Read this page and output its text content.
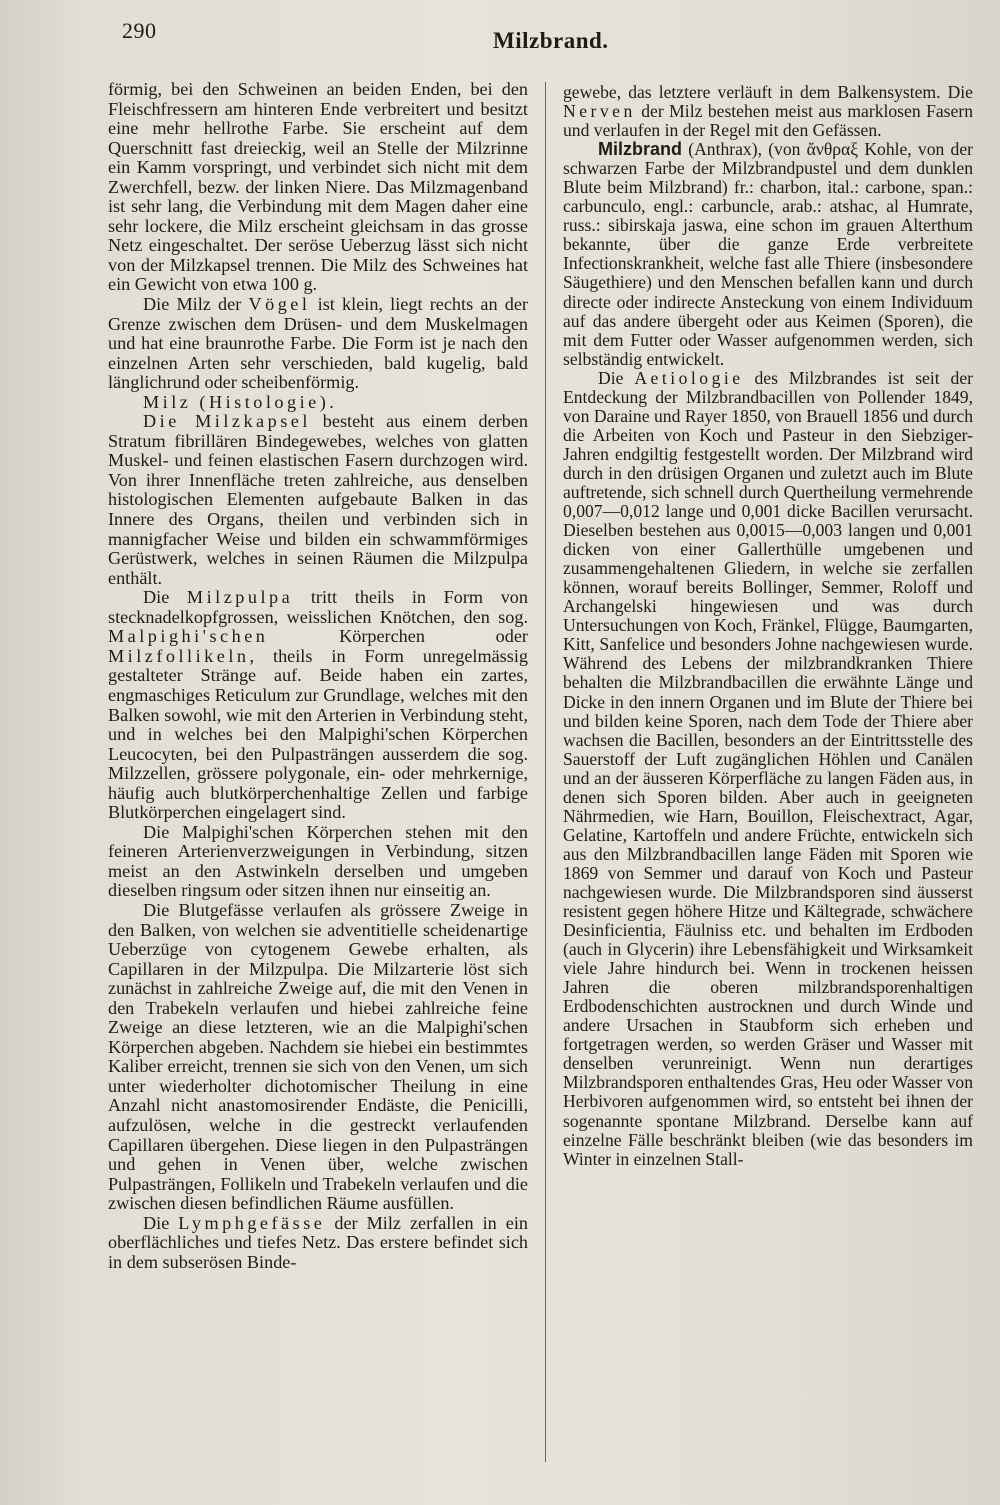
290	Milzbrand.

förmig, bei den Schweinen an beiden Enden, bei den Fleischfressern am hinteren Ende verbreitert und besitzt eine mehr hellrothe Farbe. Sie erscheint auf dem Querschnitt fast dreieckig, weil an Stelle der Milzrinne ein Kamm vorspringt, und verbindet sich nicht mit dem Zwerchfell, bezw. der linken Niere. Das Milzmagenband ist sehr lang, die Verbindung mit dem Magen daher eine sehr lockere, die Milz erscheint gleichsam in das grosse Netz eingeschaltet. Der seröse Ueberzug lässt sich nicht von der Milzkapsel trennen. Die Milz des Schweines hat ein Gewicht von etwa 100 g.

Die Milz der Vögel ist klein, liegt rechts an der Grenze zwischen dem Drüsen- und dem Muskelmagen und hat eine braunrothe Farbe. Die Form ist je nach den einzelnen Arten sehr verschieden, bald kugelig, bald länglichrund oder scheibenförmig.

Milz (Histologie).

Die Milzkapsel besteht aus einem derben Stratum fibrillären Bindegewebes, welches von glatten Muskel- und feinen elastischen Fasern durchzogen wird. Von ihrer Innenfläche treten zahlreiche, aus denselben histologischen Elementen aufgebaute Balken in das Innere des Organs, theilen und verbinden sich in mannigfacher Weise und bilden ein schwammförmiges Gerüstwerk, welches in seinen Räumen die Milzpulpa enthält.

Die Milzpulpa tritt theils in Form von stecknadelkopfgrossen, weisslichen Knötchen, den sog. Malpighi'schen Körperchen oder Milzfollikeln, theils in Form unregelmässig gestalteter Stränge auf. Beide haben ein zartes, engmaschiges Reticulum zur Grundlage, welches mit den Balken sowohl, wie mit den Arterien in Verbindung steht, und in welches bei den Malpighi'schen Körperchen Leucocyten, bei den Pulpasträngen ausserdem die sog. Milzzellen, grössere polygonale, ein- oder mehrkernige, häufig auch blutkörperchenhaltige Zellen und farbige Blutkörperchen eingelagert sind.

Die Malpighi'schen Körperchen stehen mit den feineren Arterienverzweigungen in Verbindung, sitzen meist an den Astwinkeln derselben und umgeben dieselben ringsum oder sitzen ihnen nur einseitig an.

Die Blutgefässe verlaufen als grössere Zweige in den Balken, von welchen sie adventitielle scheidenartige Ueberzüge von cytogenem Gewebe erhalten, als Capillaren in der Milzpulpa. Die Milzarterie löst sich zunächst in zahlreiche Zweige auf, die mit den Venen in den Trabekeln verlaufen und hiebei zahlreiche feine Zweige an diese letzteren, wie an die Malpighi'schen Körperchen abgeben. Nachdem sie hiebei ein bestimmtes Kaliber erreicht, trennen sie sich von den Venen, um sich unter wiederholter dichotomischer Theilung in eine Anzahl nicht anastomosirender Endäste, die Penicilli, aufzulösen, welche in die gestreckt verlaufenden Capillaren übergehen. Diese liegen in den Pulpasträngen und gehen in Venen über, welche zwischen Pulpasträngen, Follikeln und Trabekeln verlaufen und die zwischen diesen befindlichen Räume ausfüllen.

Die Lymphgefässe der Milz zerfallen in ein oberflächliches und tiefes Netz. Das erstere befindet sich in dem subserösen Binde-

gewebe, das letztere verläuft in dem Balkensystem. Die Nerven der Milz bestehen meist aus marklosen Fasern und verlaufen in der Regel mit den Gefässen.

Milzbrand (Anthrax), (von ἄνθραξ Kohle, von der schwarzen Farbe der Milzbrandpustel und dem dunklen Blute beim Milzbrand) fr.: charbon, ital.: carbone, span.: carbunculo, engl.: carbuncle, arab.: atshac, al Humrate, russ.: sibirskaja jaswa, eine schon im grauen Alterthum bekannte, über die ganze Erde verbreitete Infectionskrankheit, welche fast alle Thiere (insbesondere Säugethiere) und den Menschen befallen kann und durch directe oder indirecte Ansteckung von einem Individuum auf das andere übergeht oder aus Keimen (Sporen), die mit dem Futter oder Wasser aufgenommen werden, sich selbständig entwickelt.

Die Aetiologie des Milzbrandes ist seit der Entdeckung der Milzbrandbacillen von Pollender 1849, von Daraine und Rayer 1850, von Brauell 1856 und durch die Arbeiten von Koch und Pasteur in den Siebziger-Jahren endgiltig festgestellt worden. Der Milzbrand wird durch in den drüsigen Organen und zuletzt auch im Blute auftretende, sich schnell durch Quertheilung vermehrende 0,007—0,012 lange und 0,001 dicke Bacillen verursacht. Dieselben bestehen aus 0,0015—0,003 langen und 0,001 dicken von einer Gallerthülle umgebenen und zusammengehaltenen Gliedern, in welche sie zerfallen können, worauf bereits Bollinger, Semmer, Roloff und Archangelski hingewiesen und was durch Untersuchungen von Koch, Fränkel, Flügge, Baumgarten, Kitt, Sanfelice und besonders Johne nachgewiesen wurde. Während des Lebens der milzbrandkranken Thiere behalten die Milzbrandbacillen die erwähnte Länge und Dicke in den innern Organen und im Blute der Thiere bei und bilden keine Sporen, nach dem Tode der Thiere aber wachsen die Bacillen, besonders an der Eintrittsstelle des Sauerstoff der Luft zugänglichen Höhlen und Canälen und an der äusseren Körperfläche zu langen Fäden aus, in denen sich Sporen bilden. Aber auch in geeigneten Nährmedien, wie Harn, Bouillon, Fleischextract, Agar, Gelatine, Kartoffeln und andere Früchte, entwickeln sich aus den Milzbrandbacillen lange Fäden mit Sporen wie 1869 von Semmer und darauf von Koch und Pasteur nachgewiesen wurde. Die Milzbrandsporen sind äusserst resistent gegen höhere Hitze und Kältegrade, schwächere Desinficientia, Fäulniss etc. und behalten im Erdboden (auch in Glycerin) ihre Lebensfähigkeit und Wirksamkeit viele Jahre hindurch bei. Wenn in trockenen heissen Jahren die oberen milzbrandsporenhaltigen Erdbodenschichten austrocknen und durch Winde und andere Ursachen in Staubform sich erheben und fortgetragen werden, so werden Gräser und Wasser mit denselben verunreinigt. Wenn nun derartiges Milzbrandsporen enthaltendes Gras, Heu oder Wasser von Herbivoren aufgenommen wird, so entsteht bei ihnen der sogenannte spontane Milzbrand. Derselbe kann auf einzelne Fälle beschränkt bleiben (wie das besonders im Winter in einzelnen Stall-
